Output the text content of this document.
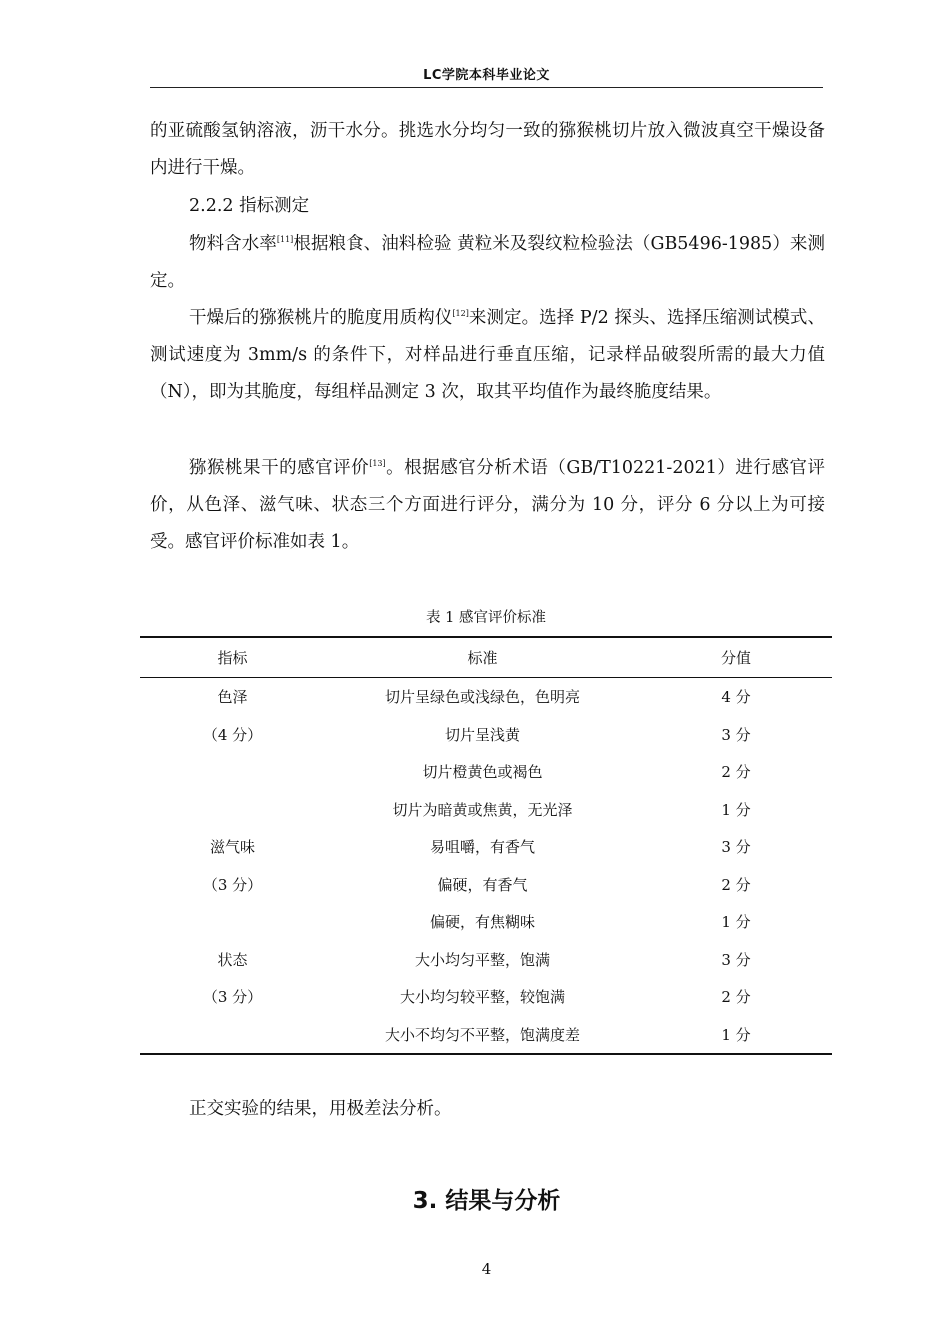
LC学院本科毕业论文

的亚硫酸氢钠溶液，沥干水分。挑选水分均匀一致的猕猴桃切片放入微波真空干燥设备内进行干燥。

2.2.2 指标测定

物料含水率[11]根据粮食、油料检验 黄粒米及裂纹粒检验法（GB5496-1985）来测定。

干燥后的猕猴桃片的脆度用质构仪[12]来测定。选择 P/2 探头、选择压缩测试模式、测试速度为 3mm/s 的条件下，对样品进行垂直压缩，记录样品破裂所需的最大力值（N），即为其脆度，每组样品测定 3 次，取其平均值作为最终脆度结果。

猕猴桃果干的感官评价[13]。根据感官分析术语（GB/T10221-2021）进行感官评价，从色泽、滋气味、状态三个方面进行评分，满分为 10 分，评分 6 分以上为可接受。感官评价标准如表 1。

表 1 感官评价标准
指标	标准	分值
色泽	切片呈绿色或浅绿色，色明亮	4 分
（4 分）	切片呈浅黄	3 分
	切片橙黄色或褐色	2 分
	切片为暗黄或焦黄，无光泽	1 分
滋气味	易咀嚼，有香气	3 分
（3 分）	偏硬，有香气	2 分
	偏硬，有焦糊味	1 分
状态	大小均匀平整，饱满	3 分
（3 分）	大小均匀较平整，较饱满	2 分
	大小不均匀不平整，饱满度差	1 分

正交实验的结果，用极差法分析。

3. 结果与分析
4
